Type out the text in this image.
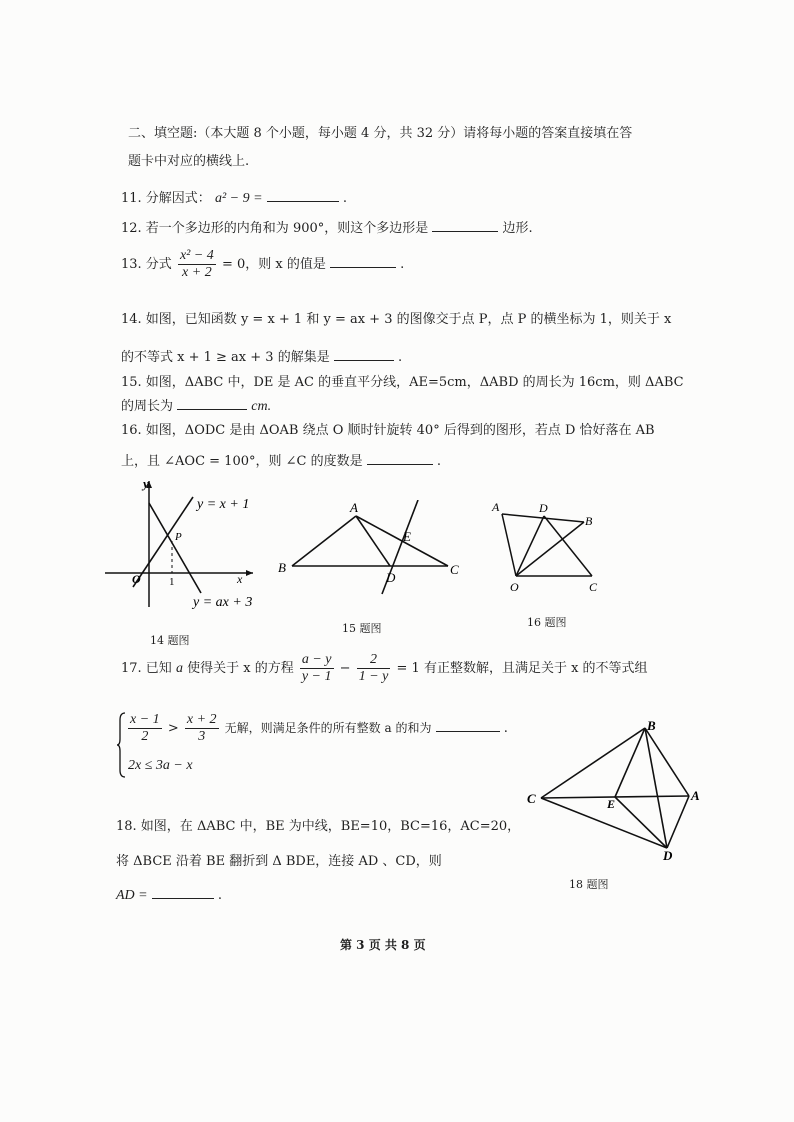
二、填空题:（本大题 8 个小题，每小题 4 分，共 32 分）请将每小题的答案直接填在答
题卡中对应的横线上.
11. 分解因式： a² − 9 =	.
12. 若一个多边形的内角和为 900°，则这个多边形是	边形.
13. 分式 $\frac{\text{x² − 4}}{x + 2} = 0$，则 x 的值是	.
14. 如图，已知函数 y = x + 1 和 y = ax + 3 的图像交于点 P，点 P 的横坐标为 1，则关于 x
的不等式 x + 1 ≥ ax + 3 的解集是	.
15. 如图，ΔABC 中，DE 是 AC 的垂直平分线，AE=5cm，ΔABD 的周长为 16cm，则 ΔABC
的周长为	cm.
16. 如图，ΔODC 是由 ΔOAB 绕点 O 顺时针旋转 40° 后得到的图形，若点 D 恰好落在 AB
上，且 ∠AOC = 100°，则 ∠C 的度数是	.
y
y = x + 1
P
O	1	x
y = ax + 3
14 题图
A
E
B
D
C
15 题图
A	D
B
O	C
16 题图
17. 已知 a 使得关于 x 的方程 $\frac{a - y}{y - 1} - \frac{2}{1 - y} = 1$ 有正整数解，且满足关于 x 的不等式组
$\frac{x - 1}{2} > \frac{x + 2}{3}$ 无解，则满足条件的所有整数 a 的和为	.
2x ≤ 3a − x
B
C	E
A
D
18 题图
18. 如图，在 ΔABC 中，BE 为中线，BE=10，BC=16，AC=20，
将 ΔBCE 沿着 BE 翻折到 Δ BDE，连接 AD 、CD，则
AD =	.
第 3 页 共 8 页
